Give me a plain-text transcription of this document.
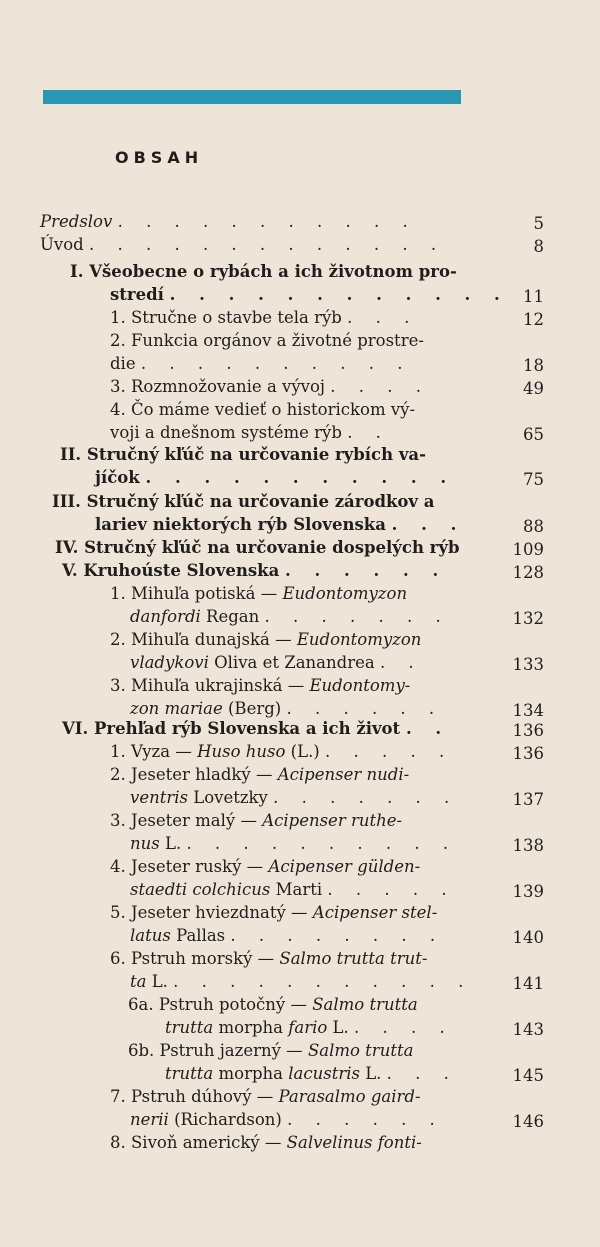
OBSAH
Predslov . . . . . . . . . . .	5
Úvod . . . . . . . . . . . . .	8
I. Všeobecne o rybách a ich životnom pro-
stredí . . . . . . . . . . . . 11
1. Stručne o stavbe tela rýb . . .	12
2. Funkcia orgánov a životné prostre-
die . . . . . . . . . .	18
3. Rozmnožovanie a vývoj . . . .	49
4. Čo máme vedieť o historickom vý-
voji a dnešnom systéme rýb . .	65
II. Stručný kľúč na určovanie rybích va-
jíčok . . . . . . . . . . .	75
III. Stručný kľúč na určovanie zárodkov a
lariev niektorých rýb Slovenska . . .	88
IV. Stručný kľúč na určovanie dospelých rýb	109
V. Kruhoúste Slovenska . . . . . .	128
1. Mihuľa potiská — Eudontomyzon
danfordi Regan . . . . . . .	132
2. Mihuľa dunajská — Eudontomyzon
vladykovi Oliva et Zanandrea . .	133
3. Mihuľa ukrajinská — Eudontomy-
zon mariae (Berg) . . . . . .	134
VI. Prehľad rýb Slovenska a ich život . .	136
1. Vyza — Huso huso (L.) . . . . .	136
2. Jeseter hladký — Acipenser nudi-
ventris Lovetzky . . . . . . .	137
3. Jeseter malý — Acipenser ruthe-
nus L. . . . . . . . . . .	138
4. Jeseter ruský — Acipenser gülden-
staedti colchicus Marti . . . . .	139
5. Jeseter hviezdnatý — Acipenser stel-
latus Pallas . . . . . . . .	140
6. Pstruh morský — Salmo trutta trut-
ta L. . . . . . . . . . . . 141
6a. Pstruh potočný — Salmo trutta
trutta morpha fario L. . . . .	143
6b. Pstruh jazerný — Salmo trutta
trutta morpha lacustris L. . . .	145
7. Pstruh dúhový — Parasalmo gaird-
nerii (Richardson) . . . . . .	146
8. Sivoň americký — Salvelinus fonti-
